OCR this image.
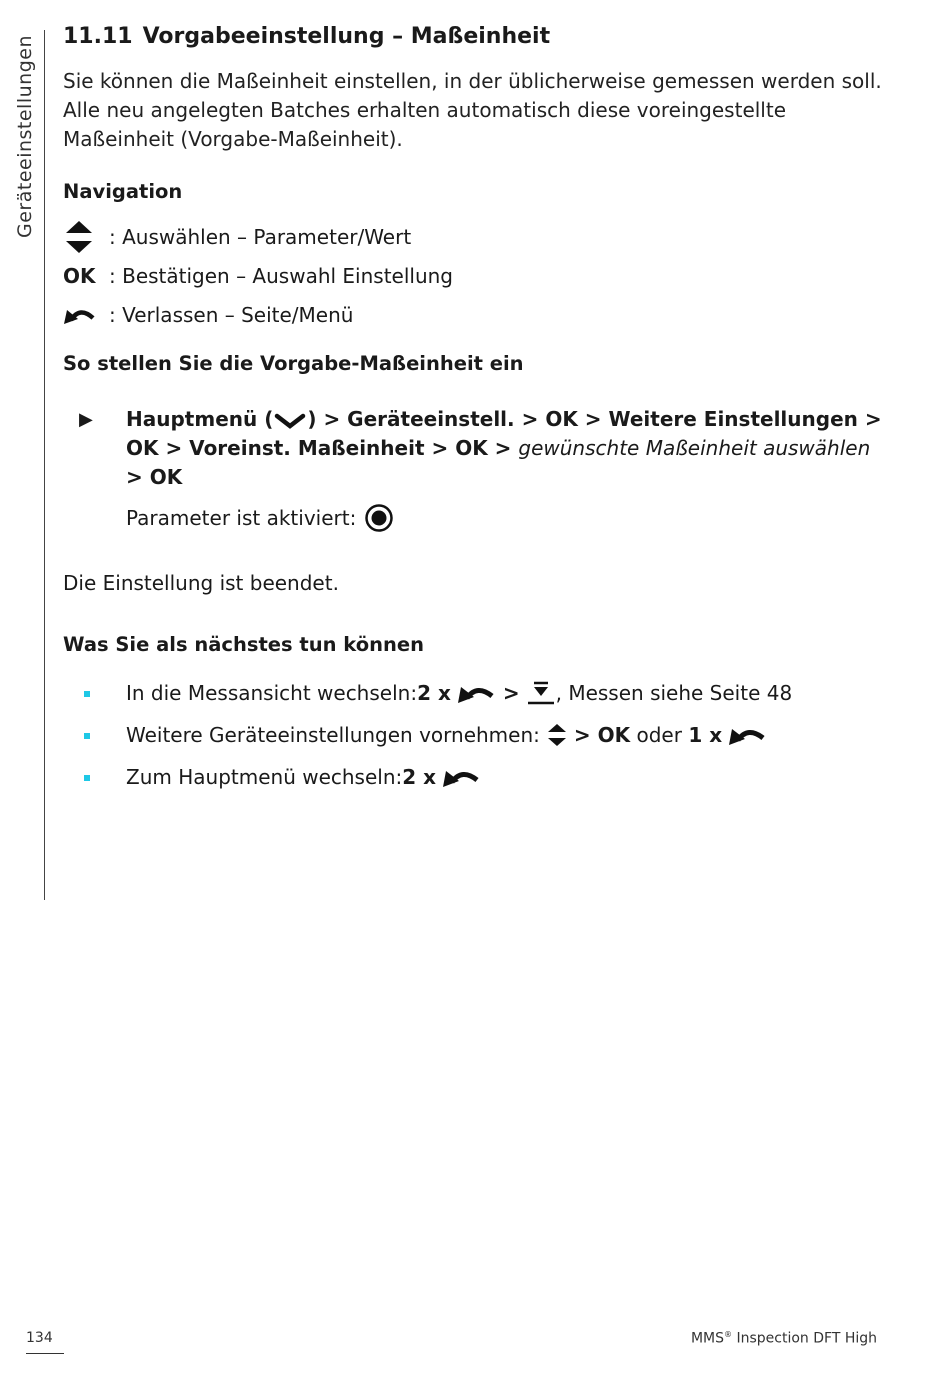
Geräteeinstellungen 11.11 Vorgabeeinstellung – Maßeinheit

Sie können die Maßeinheit einstellen, in der üblicherweise gemessen werden soll. Alle neu angelegten Batches erhalten automatisch diese voreingestellte Maßeinheit (Vorgabe-Maßeinheit).

Navigation
: Auswählen – Parameter/Wert
OK : Bestätigen – Auswahl Einstellung
: Verlassen – Seite/Menü
So stellen Sie die Vorgabe-Maßeinheit ein
▶ Hauptmenü ( ) > Geräteeinstell. > OK > Weitere Einstellungen > OK > Voreinst. Maßeinheit > OK > gewünschte Maßeinheit auswählen > OK
Parameter ist aktiviert:
Die Einstellung ist beendet.
Was Sie als nächstes tun können
In die Messansicht wechseln: 2 x	> , Messen siehe Seite 48
Weitere Geräteeinstellungen vornehmen: > OK oder 1 x
Zum Hauptmenü wechseln: 2 x
134	MMS® Inspection DFT High
